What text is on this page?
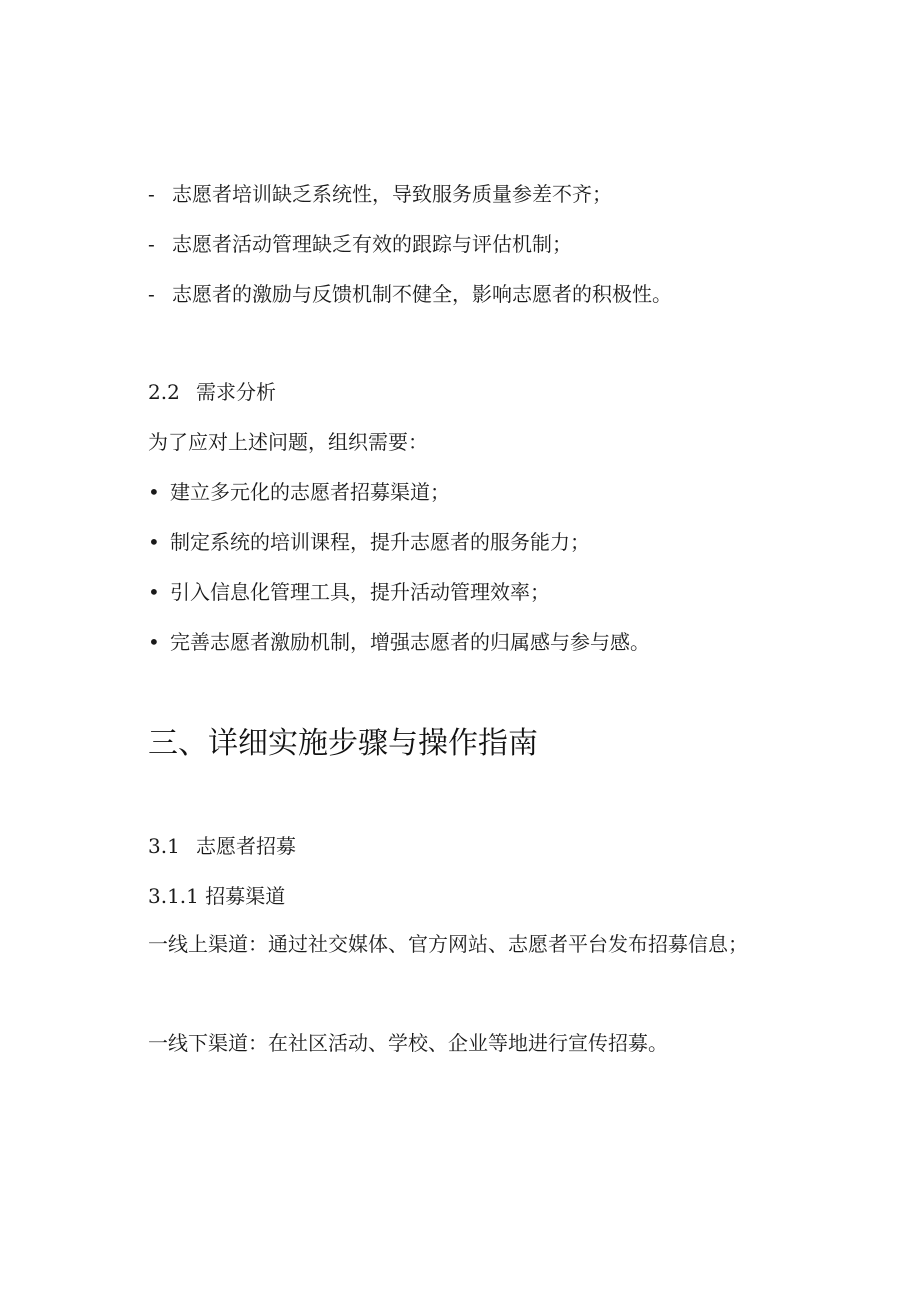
- 志愿者培训缺乏系统性，导致服务质量参差不齐；
- 志愿者活动管理缺乏有效的跟踪与评估机制；
- 志愿者的激励与反馈机制不健全，影响志愿者的积极性。
2.2 需求分析
为了应对上述问题，组织需要：
• 建立多元化的志愿者招募渠道；
• 制定系统的培训课程，提升志愿者的服务能力；
• 引入信息化管理工具，提升活动管理效率；
• 完善志愿者激励机制，增强志愿者的归属感与参与感。
三、详细实施步骤与操作指南
3.1 志愿者招募
3.1.1 招募渠道
一线上渠道：通过社交媒体、官方网站、志愿者平台发布招募信息；
一线下渠道：在社区活动、学校、企业等地进行宣传招募。
